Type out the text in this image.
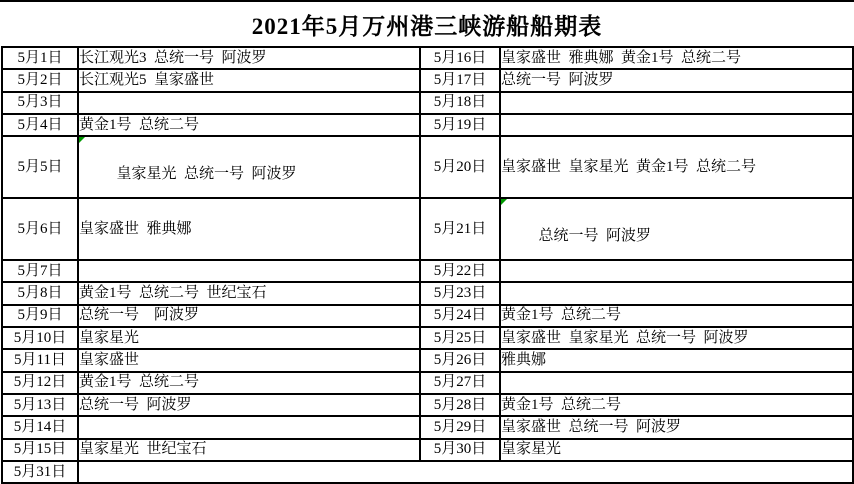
2021年5月万州港三峡游船船期表
5月1日	长江观光3  总统一号  阿波罗	5月16日	皇家盛世  雅典娜  黄金1号  总统二号
5月2日	长江观光5  皇家盛世	5月17日	总统一号  阿波罗
5月3日		5月18日	
5月4日	黄金1号  总统二号	5月19日	
5月5日	皇家星光  总统一号  阿波罗	5月20日	皇家盛世  皇家星光  黄金1号  总统二号
5月6日	皇家盛世  雅典娜	5月21日	总统一号  阿波罗

5月7日		5月22日	
5月8日	黄金1号  总统二号  世纪宝石	5月23日	
5月9日	总统一号    阿波罗	5月24日	黄金1号  总统二号
5月10日	皇家星光	5月25日	皇家盛世  皇家星光  总统一号  阿波罗
5月11日	皇家盛世	5月26日	雅典娜
5月12日	黄金1号  总统二号	5月27日	
5月13日	总统一号  阿波罗	5月28日	黄金1号  总统二号
5月14日		5月29日	皇家盛世  总统一号  阿波罗
5月15日	皇家星光  世纪宝石	5月30日	皇家星光
5月31日			
